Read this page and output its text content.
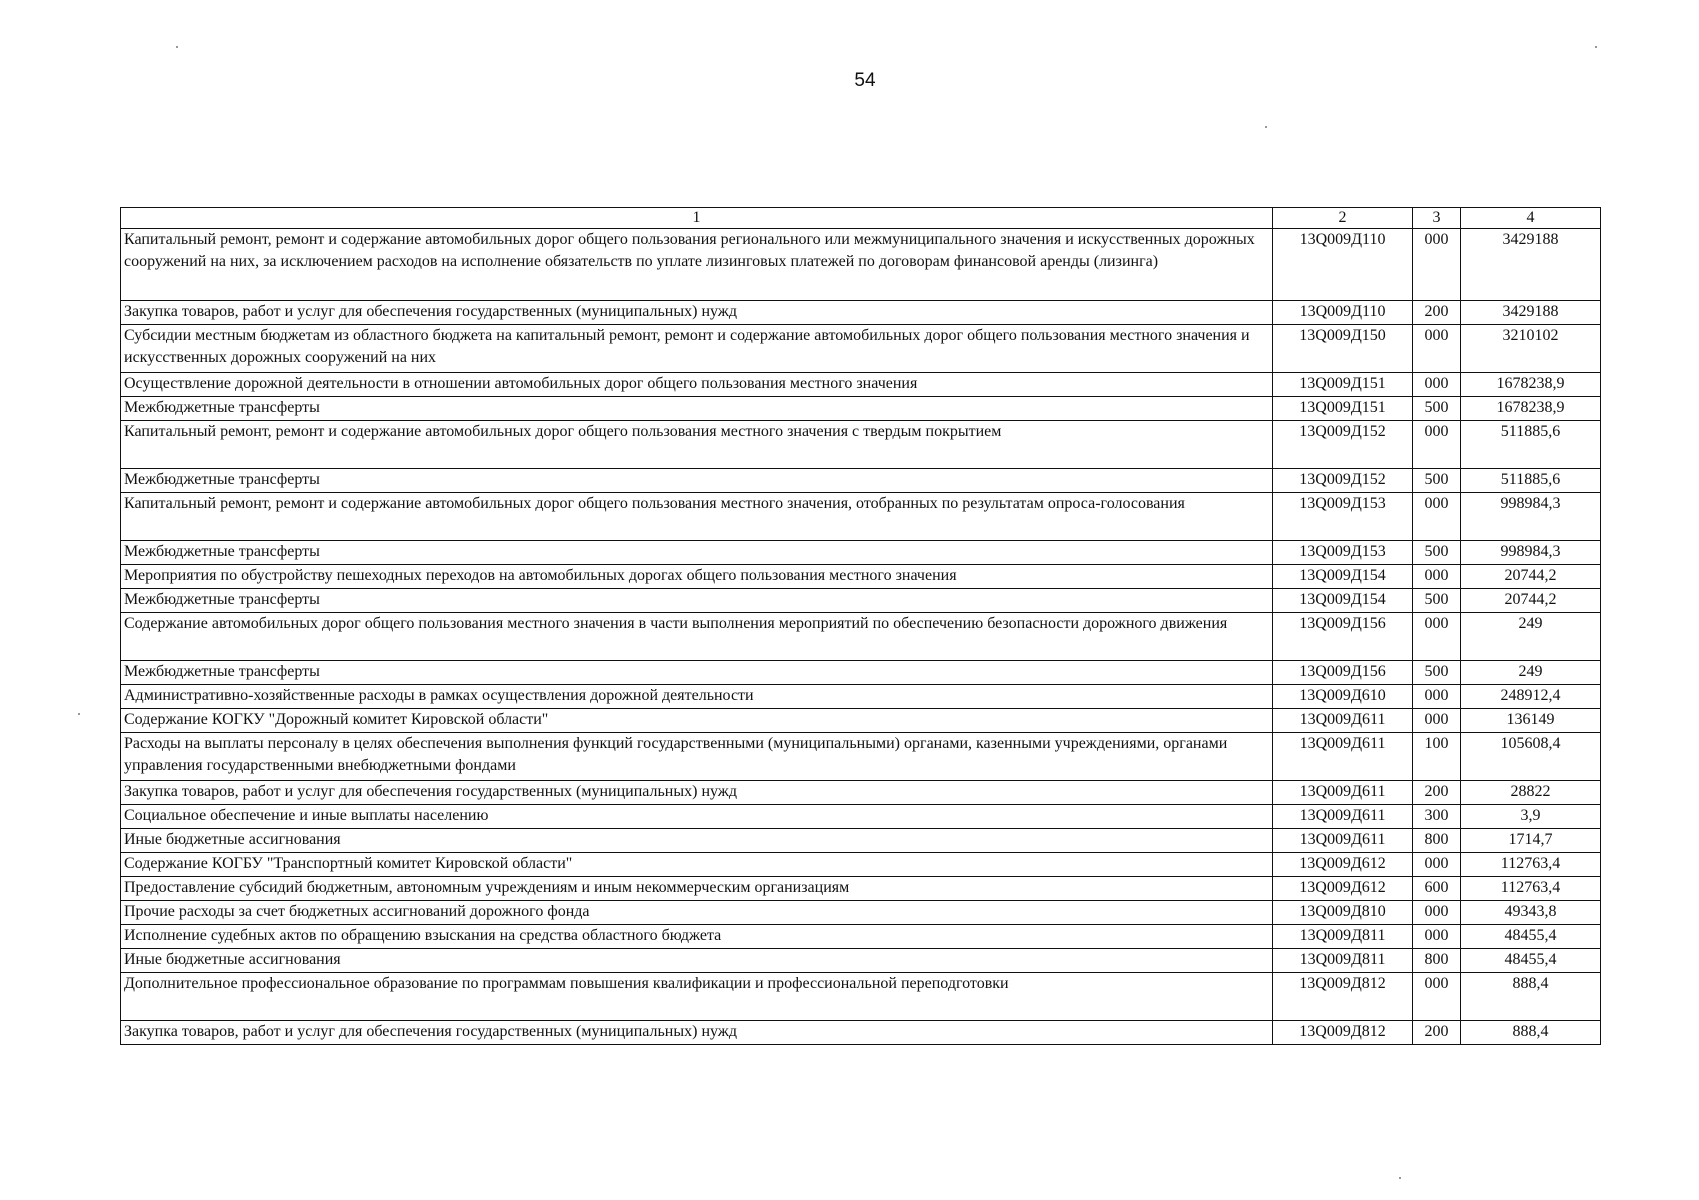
54
1	2	3	4
Капитальный ремонт, ремонт и содержание автомобильных дорог общего пользования регионального или межмуниципального значения и искусственных дорожных сооружений на них, за исключением расходов на исполнение обязательств по уплате лизинговых платежей по договорам финансовой аренды (лизинга)	13Q009Д110	000	3429188
Закупка товаров, работ и услуг для обеспечения государственных (муниципальных) нужд	13Q009Д110	200	3429188
Субсидии местным бюджетам из областного бюджета на капитальный ремонт, ремонт и содержание автомобильных дорог общего пользования местного значения и искусственных дорожных сооружений на них	13Q009Д150	000	3210102
Осуществление дорожной деятельности в отношении автомобильных дорог общего пользования местного значения	13Q009Д151	000	1678238,9
Межбюджетные трансферты	13Q009Д151	500	1678238,9
Капитальный ремонт, ремонт и содержание автомобильных дорог общего пользования местного значения с твердым покрытием	13Q009Д152	000	511885,6
Межбюджетные трансферты	13Q009Д152	500	511885,6
Капитальный ремонт, ремонт и содержание автомобильных дорог общего пользования местного значения, отобранных по результатам опроса-голосования	13Q009Д153	000	998984,3
Межбюджетные трансферты	13Q009Д153	500	998984,3
Мероприятия по обустройству пешеходных переходов на автомобильных дорогах общего пользования местного значения	13Q009Д154	000	20744,2
Межбюджетные трансферты	13Q009Д154	500	20744,2
Содержание автомобильных дорог общего пользования местного значения в части выполнения мероприятий по обеспечению безопасности дорожного движения	13Q009Д156	000	249
Межбюджетные трансферты	13Q009Д156	500	249
Административно-хозяйственные расходы в рамках осуществления дорожной деятельности	13Q009Д610	000	248912,4
Содержание КОГКУ "Дорожный комитет Кировской области"	13Q009Д611	000	136149
Расходы на выплаты персоналу в целях обеспечения выполнения функций государственными (муниципальными) органами, казенными учреждениями, органами управления государственными внебюджетными фондами	13Q009Д611	100	105608,4
Закупка товаров, работ и услуг для обеспечения государственных (муниципальных) нужд	13Q009Д611	200	28822
Социальное обеспечение и иные выплаты населению	13Q009Д611	300	3,9
Иные бюджетные ассигнования	13Q009Д611	800	1714,7
Содержание КОГБУ "Транспортный комитет Кировской области"	13Q009Д612	000	112763,4
Предоставление субсидий бюджетным, автономным учреждениям и иным некоммерческим организациям	13Q009Д612	600	112763,4
Прочие расходы за счет бюджетных ассигнований дорожного фонда	13Q009Д810	000	49343,8
Исполнение судебных актов по обращению взыскания на средства областного бюджета	13Q009Д811	000	48455,4
Иные бюджетные ассигнования	13Q009Д811	800	48455,4
Дополнительное профессиональное образование по программам повышения квалификации и профессиональной переподготовки	13Q009Д812	000	888,4
Закупка товаров, работ и услуг для обеспечения государственных (муниципальных) нужд	13Q009Д812	200	888,4
